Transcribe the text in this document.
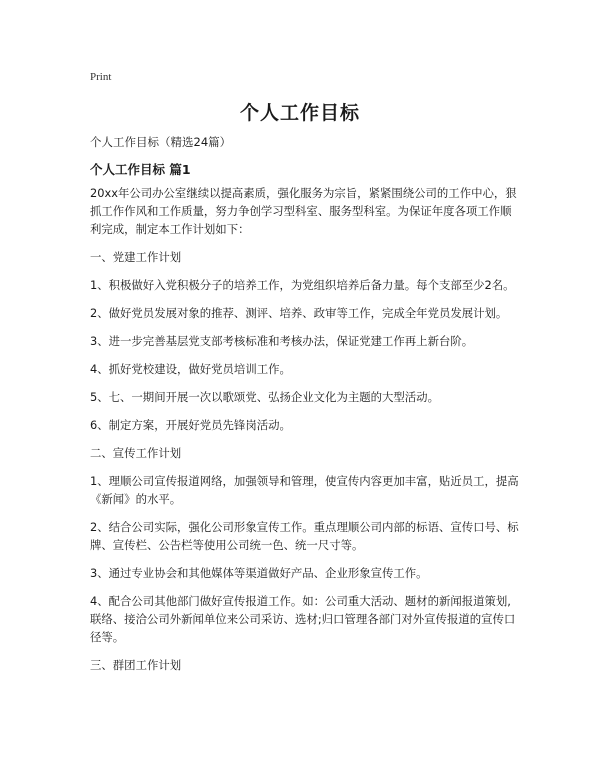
Print
个人工作目标
个人工作目标（精选24篇）
个人工作目标 篇1

20xx年公司办公室继续以提高素质，强化服务为宗旨，紧紧围绕公司的工作中心，狠抓工作作风和工作质量，努力争创学习型科室、服务型科室。为保证年度各项工作顺利完成，制定本工作计划如下：

一、党建工作计划

1、积极做好入党积极分子的培养工作，为党组织培养后备力量。每个支部至少2名。

2、做好党员发展对象的推荐、测评、培养、政审等工作，完成全年党员发展计划。

3、进一步完善基层党支部考核标准和考核办法，保证党建工作再上新台阶。

4、抓好党校建设，做好党员培训工作。

5、七、一期间开展一次以歌颂党、弘扬企业文化为主题的大型活动。

6、制定方案，开展好党员先锋岗活动。

二、宣传工作计划

1、理顺公司宣传报道网络，加强领导和管理，使宣传内容更加丰富，贴近员工，提高《新闻》的水平。

2、结合公司实际，强化公司形象宣传工作。重点理顺公司内部的标语、宣传口号、标牌、宣传栏、公告栏等使用公司统一色、统一尺寸等。

3、通过专业协会和其他媒体等渠道做好产品、企业形象宣传工作。

4、配合公司其他部门做好宣传报道工作。如：公司重大活动、题材的新闻报道策划,联络、接洽公司外新闻单位来公司采访、选材;归口管理各部门对外宣传报道的宣传口径等。

三、群团工作计划
